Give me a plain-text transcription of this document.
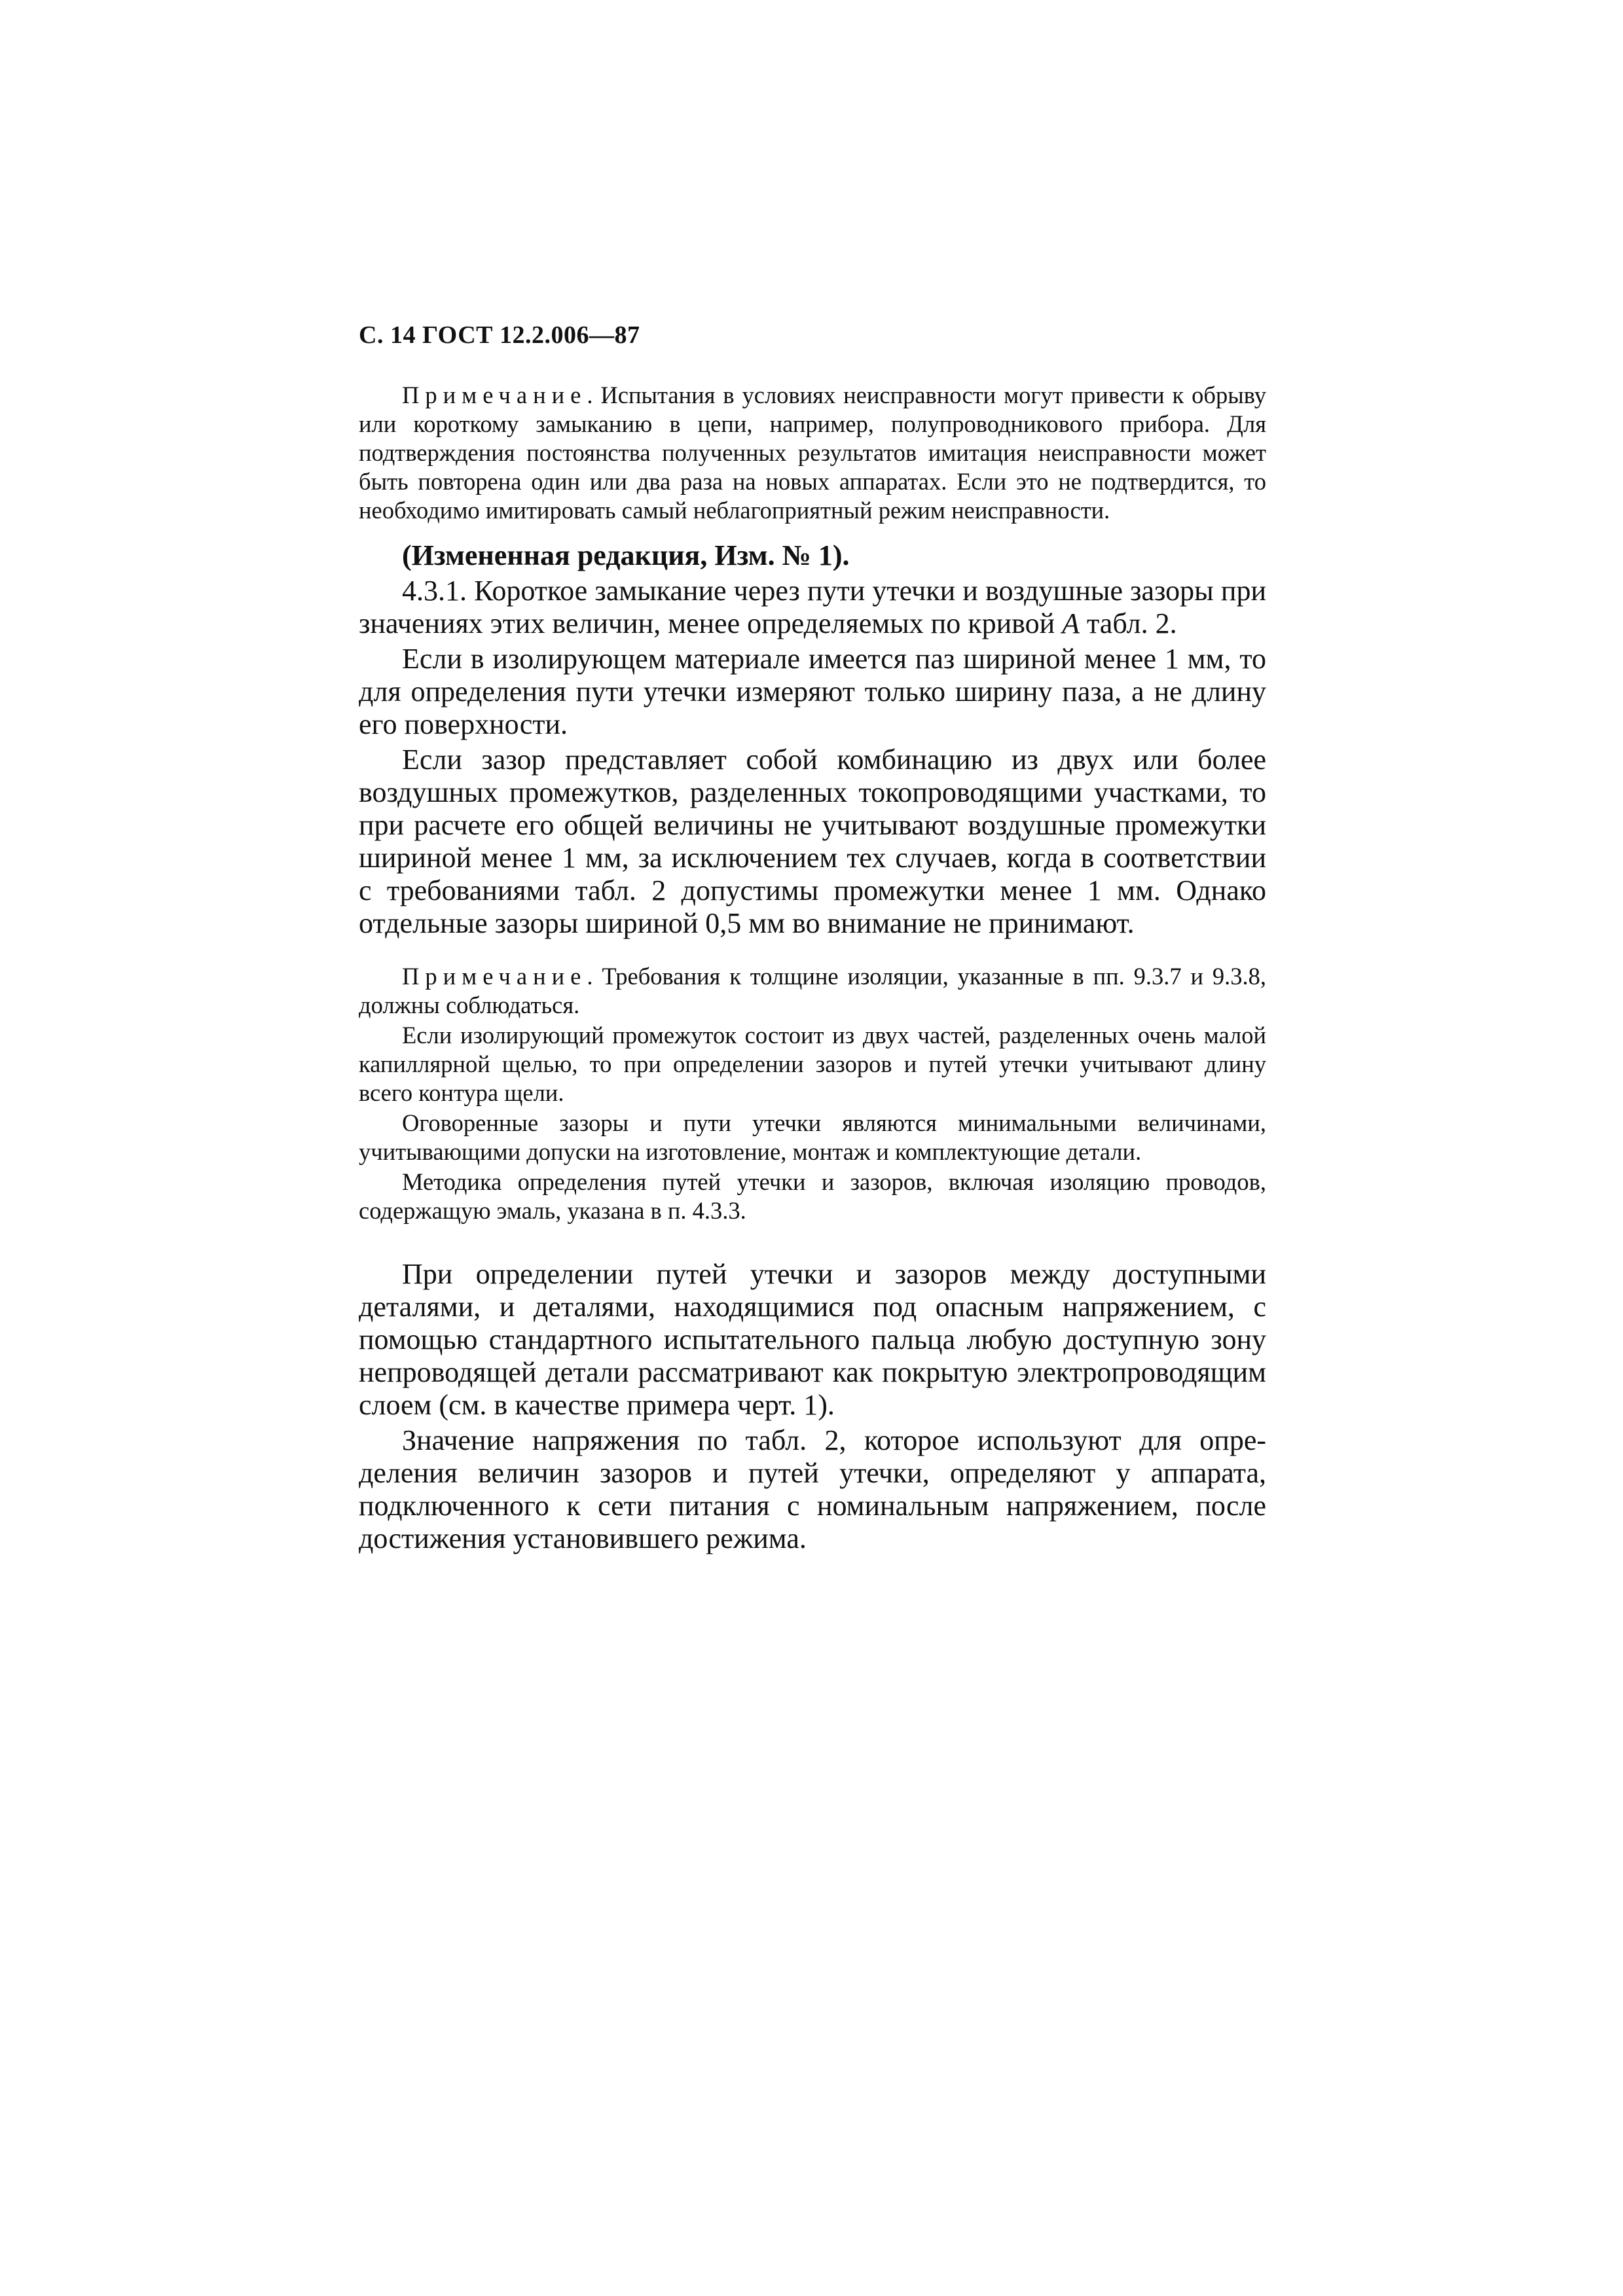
С. 14 ГОСТ 12.2.006—87

Примечание. Испытания в условиях неисправности могут привести к обрыву или короткому замыканию в цепи, например, полупроводникового прибора. Для подтверждения постоянства полученных результатов имитация неисправности может быть повторена один или два раза на новых аппаратах. Если это не подтвердится, то необходимо имитировать самый неблагоприятный режим неисправности.

(Измененная редакция, Изм. № 1).

4.3.1. Короткое замыкание через пути утечки и воздушные зазоры при значениях этих величин, менее определяемых по кривой А табл. 2.

Если в изолирующем материале имеется паз шириной менее 1 мм, то для определения пути утечки измеряют только ширину паза, а не длину его поверхности.

Если зазор представляет собой комбинацию из двух или более воздушных промежутков, разделенных токопроводящими участками, то при расчете его общей величины не учитывают воздушные промежутки шириной менее 1 мм, за исключением тех случаев, когда в соответствии с требованиями табл. 2 допустимы промежутки менее 1 мм. Однако отдельные зазоры шириной 0,5 мм во внимание не принимают.

Примечание. Требования к толщине изоляции, указанные в пп. 9.3.7 и 9.3.8, должны соблюдаться.

Если изолирующий промежуток состоит из двух частей, разделенных очень малой капиллярной щелью, то при определении зазоров и путей утечки учитывают длину всего контура щели.

Оговоренные зазоры и пути утечки являются минимальными величинами, учитывающими допуски на изготовление, монтаж и комплектующие детали.

Методика определения путей утечки и зазоров, включая изоляцию проводов, содержащую эмаль, указана в п. 4.3.3.

При определении путей утечки и зазоров между доступными деталями, и деталями, находящимися под опасным напряжением, с помощью стандартного испытательного пальца любую доступную зону непроводящей детали рассматривают как покрытую электропроводящим слоем (см. в качестве примера черт. 1).

Значение напряжения по табл. 2, которое используют для определения величин зазоров и путей утечки, определяют у аппарата, подключенного к сети питания с номинальным напряжением, после достижения установившего режима.
